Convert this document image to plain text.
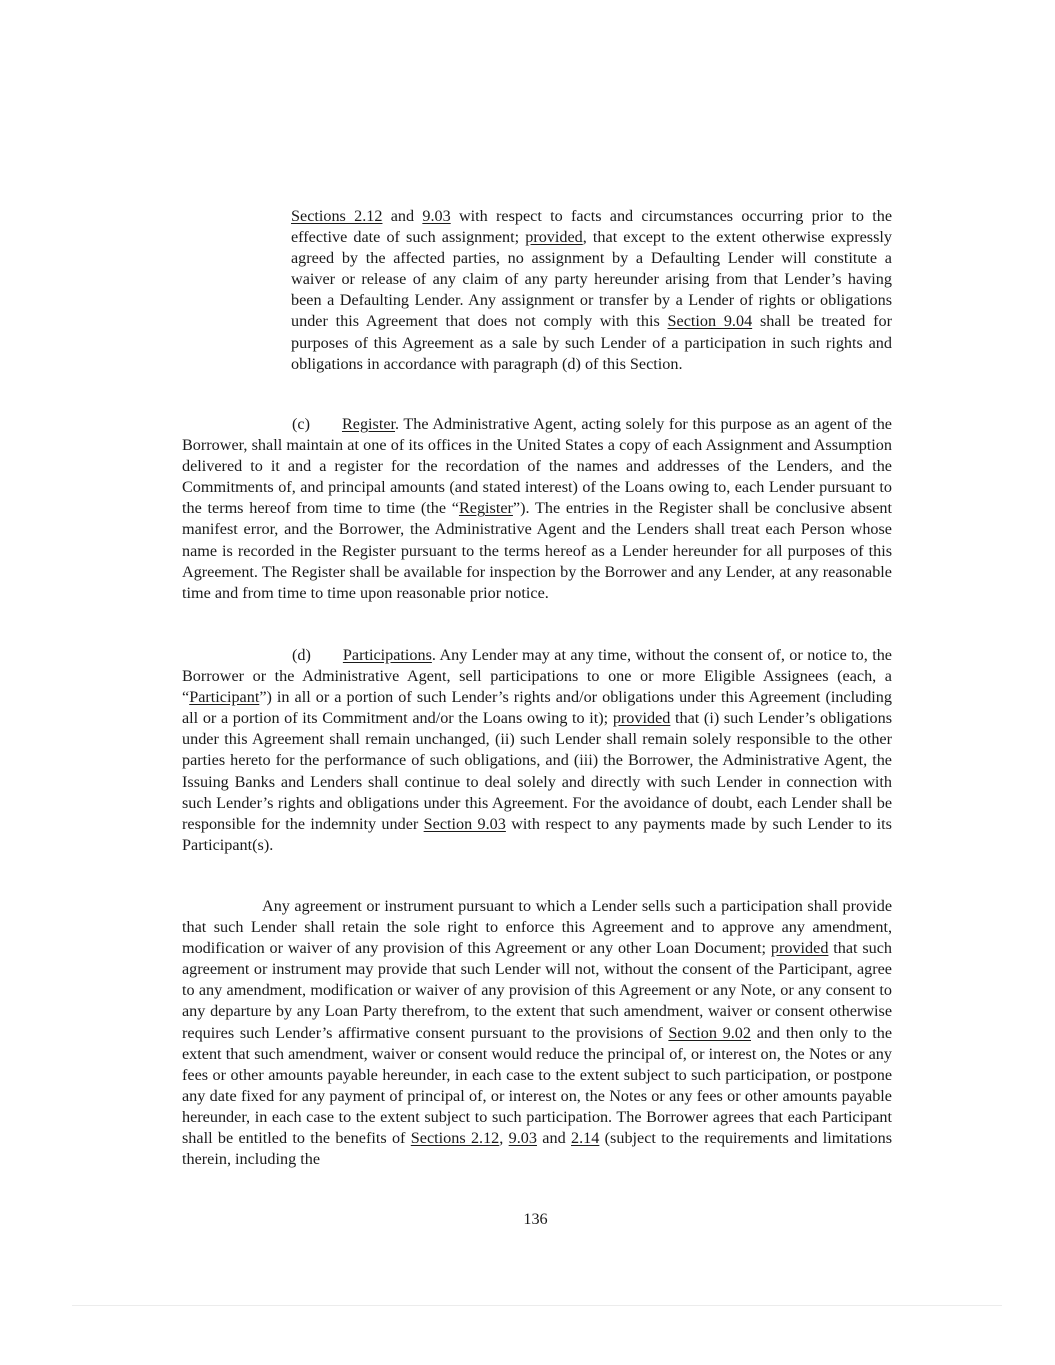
Sections 2.12 and 9.03 with respect to facts and circumstances occurring prior to the effective date of such assignment; provided, that except to the extent otherwise expressly agreed by the affected parties, no assignment by a Defaulting Lender will constitute a waiver or release of any claim of any party hereunder arising from that Lender’s having been a Defaulting Lender. Any assignment or transfer by a Lender of rights or obligations under this Agreement that does not comply with this Section 9.04 shall be treated for purposes of this Agreement as a sale by such Lender of a participation in such rights and obligations in accordance with paragraph (d) of this Section.

(c) Register. The Administrative Agent, acting solely for this purpose as an agent of the Borrower, shall maintain at one of its offices in the United States a copy of each Assignment and Assumption delivered to it and a register for the recordation of the names and addresses of the Lenders, and the Commitments of, and principal amounts (and stated interest) of the Loans owing to, each Lender pursuant to the terms hereof from time to time (the “Register”). The entries in the Register shall be conclusive absent manifest error, and the Borrower, the Administrative Agent and the Lenders shall treat each Person whose name is recorded in the Register pursuant to the terms hereof as a Lender hereunder for all purposes of this Agreement. The Register shall be available for inspection by the Borrower and any Lender, at any reasonable time and from time to time upon reasonable prior notice.

(d) Participations. Any Lender may at any time, without the consent of, or notice to, the Borrower or the Administrative Agent, sell participations to one or more Eligible Assignees (each, a “Participant”) in all or a portion of such Lender’s rights and/or obligations under this Agreement (including all or a portion of its Commitment and/or the Loans owing to it); provided that (i) such Lender’s obligations under this Agreement shall remain unchanged, (ii) such Lender shall remain solely responsible to the other parties hereto for the performance of such obligations, and (iii) the Borrower, the Administrative Agent, the Issuing Banks and Lenders shall continue to deal solely and directly with such Lender in connection with such Lender’s rights and obligations under this Agreement. For the avoidance of doubt, each Lender shall be responsible for the indemnity under Section 9.03 with respect to any payments made by such Lender to its Participant(s).

Any agreement or instrument pursuant to which a Lender sells such a participation shall provide that such Lender shall retain the sole right to enforce this Agreement and to approve any amendment, modification or waiver of any provision of this Agreement or any other Loan Document; provided that such agreement or instrument may provide that such Lender will not, without the consent of the Participant, agree to any amendment, modification or waiver of any provision of this Agreement or any Note, or any consent to any departure by any Loan Party therefrom, to the extent that such amendment, waiver or consent otherwise requires such Lender’s affirmative consent pursuant to the provisions of Section 9.02 and then only to the extent that such amendment, waiver or consent would reduce the principal of, or interest on, the Notes or any fees or other amounts payable hereunder, in each case to the extent subject to such participation, or postpone any date fixed for any payment of principal of, or interest on, the Notes or any fees or other amounts payable hereunder, in each case to the extent subject to such participation. The Borrower agrees that each Participant shall be entitled to the benefits of Sections 2.12, 9.03 and 2.14 (subject to the requirements and limitations therein, including the

136
